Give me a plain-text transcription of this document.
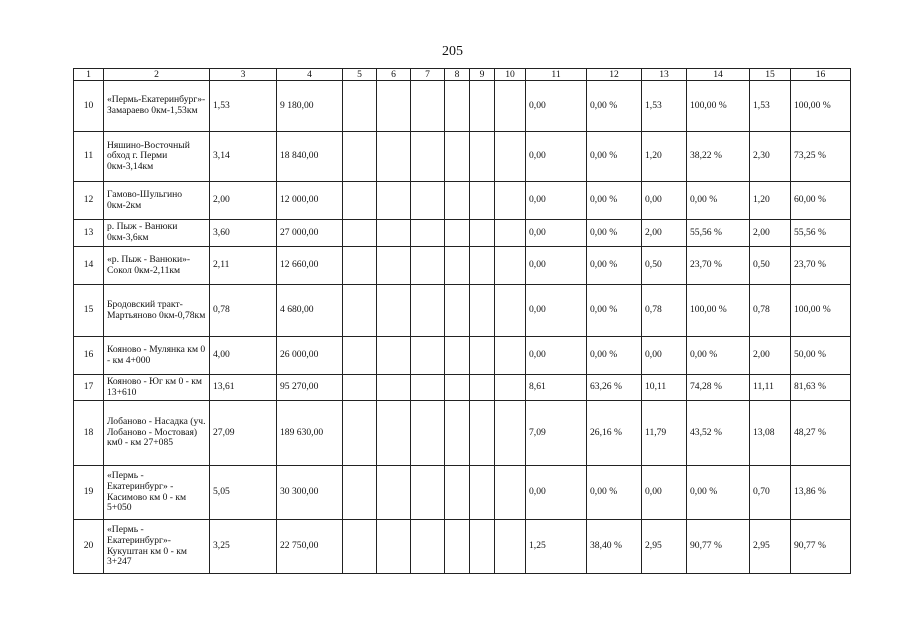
205
1	2	3	4	5	6	7	8	9	10	11	12	13	14	15	16
10	«Пермь-Екатеринбург»-Замараево 0км-1,53км	1,53	9 180,00							0,00	0,00 %	1,53	100,00 %	1,53	100,00 %
11	Няшино-Восточный обход г. Перми 0км-3,14км	3,14	18 840,00							0,00	0,00 %	1,20	38,22 %	2,30	73,25 %
12	Гамово-Шульгино 0км-2км	2,00	12 000,00							0,00	0,00 %	0,00	0,00 %	1,20	60,00 %
13	р. Пыж - Ванюки 0км-3,6км	3,60	27 000,00							0,00	0,00 %	2,00	55,56 %	2,00	55,56 %
14	«р. Пыж - Ванюки»-Сокол 0км-2,11км	2,11	12 660,00							0,00	0,00 %	0,50	23,70 %	0,50	23,70 %
15	Бродовский тракт-Мартьяново 0км-0,78км	0,78	4 680,00							0,00	0,00 %	0,78	100,00 %	0,78	100,00 %
16	Кояново - Мулянка км 0 - км 4+000	4,00	26 000,00							0,00	0,00 %	0,00	0,00 %	2,00	50,00 %
17	Кояново - Юг км 0 - км 13+610	13,61	95 270,00							8,61	63,26 %	10,11	74,28 %	11,11	81,63 %
18	Лобаново - Насадка (уч. Лобаново - Мостовая) км0 - км 27+085	27,09	189 630,00							7,09	26,16 %	11,79	43,52 %	13,08	48,27 %
19	«Пермь - Екатеринбург» - Касимово км 0 - км 5+050	5,05	30 300,00							0,00	0,00 %	0,00	0,00 %	0,70	13,86 %
20	«Пермь - Екатеринбург»- Кукуштан км 0 - км 3+247	3,25	22 750,00							1,25	38,40 %	2,95	90,77 %	2,95	90,77 %
